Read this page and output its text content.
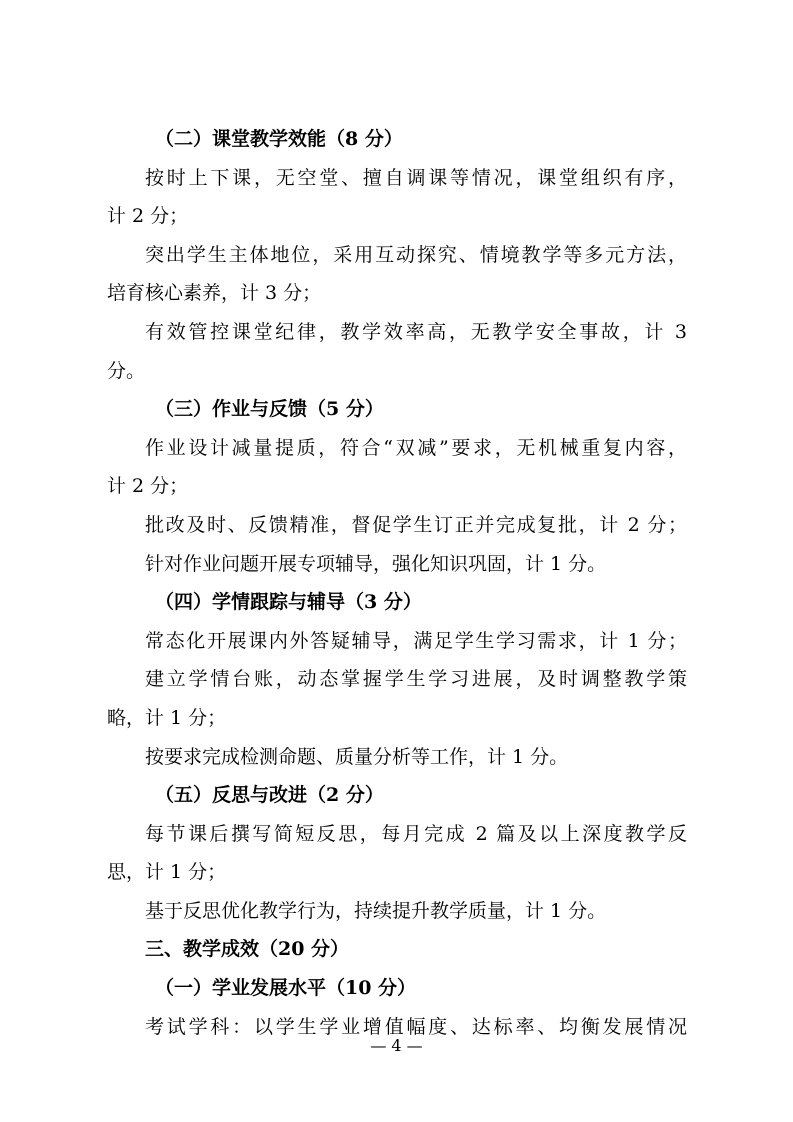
（二）课堂教学效能（8 分）
按时上下课，无空堂、擅自调课等情况，课堂组织有序，
计 2 分；
突出学生主体地位，采用互动探究、情境教学等多元方法，
培育核心素养，计 3 分；
有效管控课堂纪律，教学效率高，无教学安全事故，计 3
分。
（三）作业与反馈（5 分）
作业设计减量提质，符合“双减”要求，无机械重复内容，
计 2 分；
批改及时、反馈精准，督促学生订正并完成复批，计 2 分；
针对作业问题开展专项辅导，强化知识巩固，计 1 分。
（四）学情跟踪与辅导（3 分）
常态化开展课内外答疑辅导，满足学生学习需求，计 1 分；
建立学情台账，动态掌握学生学习进展，及时调整教学策
略，计 1 分；
按要求完成检测命题、质量分析等工作，计 1 分。
（五）反思与改进（2 分）
每节课后撰写简短反思，每月完成 2 篇及以上深度教学反
思，计 1 分；
基于反思优化教学行为，持续提升教学质量，计 1 分。
三、教学成效（20 分）
（一）学业发展水平（10 分）
考试学科：以学生学业增值幅度、达标率、均衡发展情况
— 4 —
